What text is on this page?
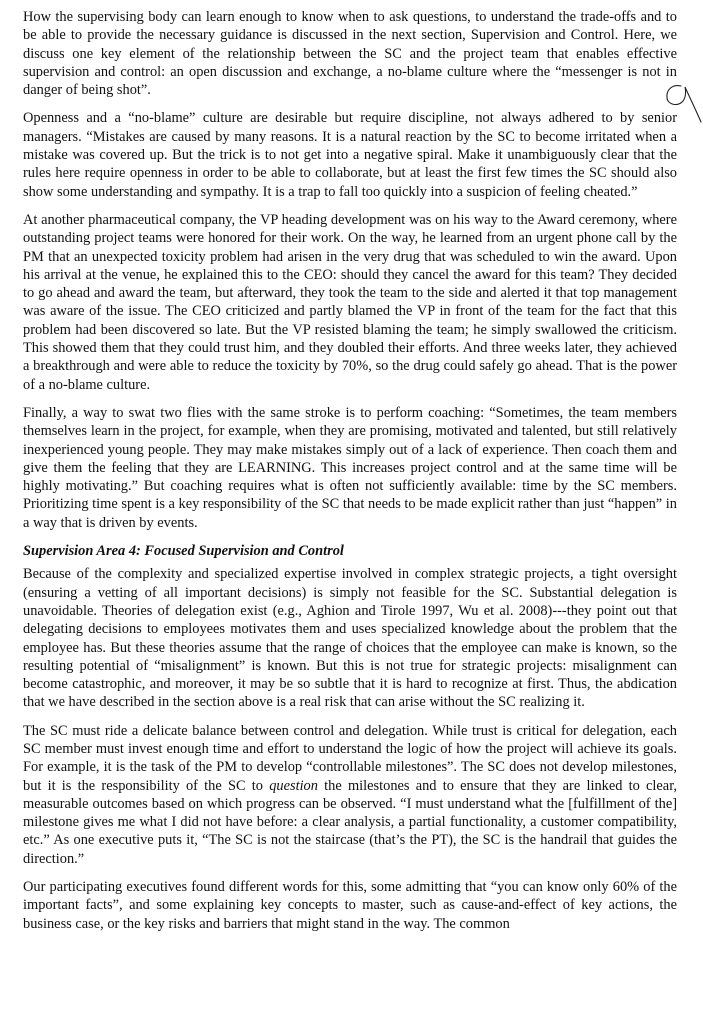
How the supervising body can learn enough to know when to ask questions, to understand the trade-offs and to be able to provide the necessary guidance is discussed in the next section, Supervision and Control. Here, we discuss one key element of the relationship between the SC and the project team that enables effective supervision and control: an open discussion and exchange, a no-blame culture where the “messenger is not in danger of being shot”.

Openness and a “no-blame” culture are desirable but require discipline, not always adhered to by senior managers. “Mistakes are caused by many reasons. It is a natural reaction by the SC to become irritated when a mistake was covered up. But the trick is to not get into a negative spiral. Make it unambiguously clear that the rules here require openness in order to be able to collaborate, but at least the first few times the SC should also show some understanding and sympathy. It is a trap to fall too quickly into a suspicion of feeling cheated.”

At another pharmaceutical company, the VP heading development was on his way to the Award ceremony, where outstanding project teams were honored for their work. On the way, he learned from an urgent phone call by the PM that an unexpected toxicity problem had arisen in the very drug that was scheduled to win the award. Upon his arrival at the venue, he explained this to the CEO: should they cancel the award for this team? They decided to go ahead and award the team, but afterward, they took the team to the side and alerted it that top management was aware of the issue. The CEO criticized and partly blamed the VP in front of the team for the fact that this problem had been discovered so late. But the VP resisted blaming the team; he simply swallowed the criticism. This showed them that they could trust him, and they doubled their efforts. And three weeks later, they achieved a breakthrough and were able to reduce the toxicity by 70%, so the drug could safely go ahead. That is the power of a no-blame culture.

Finally, a way to swat two flies with the same stroke is to perform coaching: “Sometimes, the team members themselves learn in the project, for example, when they are promising, motivated and talented, but still relatively inexperienced young people. They may make mistakes simply out of a lack of experience. Then coach them and give them the feeling that they are LEARNING. This increases project control and at the same time will be highly motivating.” But coaching requires what is often not sufficiently available: time by the SC members. Prioritizing time spent is a key responsibility of the SC that needs to be made explicit rather than just “happen” in a way that is driven by events.

Supervision Area 4: Focused Supervision and Control

Because of the complexity and specialized expertise involved in complex strategic projects, a tight oversight (ensuring a vetting of all important decisions) is simply not feasible for the SC. Substantial delegation is unavoidable. Theories of delegation exist (e.g., Aghion and Tirole 1997, Wu et al. 2008)---they point out that delegating decisions to employees motivates them and uses specialized knowledge about the problem that the employee has. But these theories assume that the range of choices that the employee can make is known, so the resulting potential of “misalignment” is known. But this is not true for strategic projects: misalignment can become catastrophic, and moreover, it may be so subtle that it is hard to recognize at first. Thus, the abdication that we have described in the section above is a real risk that can arise without the SC realizing it.

The SC must ride a delicate balance between control and delegation. While trust is critical for delegation, each SC member must invest enough time and effort to understand the logic of how the project will achieve its goals. For example, it is the task of the PM to develop “controllable milestones”. The SC does not develop milestones, but it is the responsibility of the SC to question the milestones and to ensure that they are linked to clear, measurable outcomes based on which progress can be observed. “I must understand what the [fulfillment of the] milestone gives me what I did not have before: a clear analysis, a partial functionality, a customer compatibility, etc.” As one executive puts it, “The SC is not the staircase (that’s the PT), the SC is the handrail that guides the direction.”

Our participating executives found different words for this, some admitting that “you can know only 60% of the important facts”, and some explaining key concepts to master, such as cause-and-effect of key actions, the business case, or the key risks and barriers that might stand in the way. The common
